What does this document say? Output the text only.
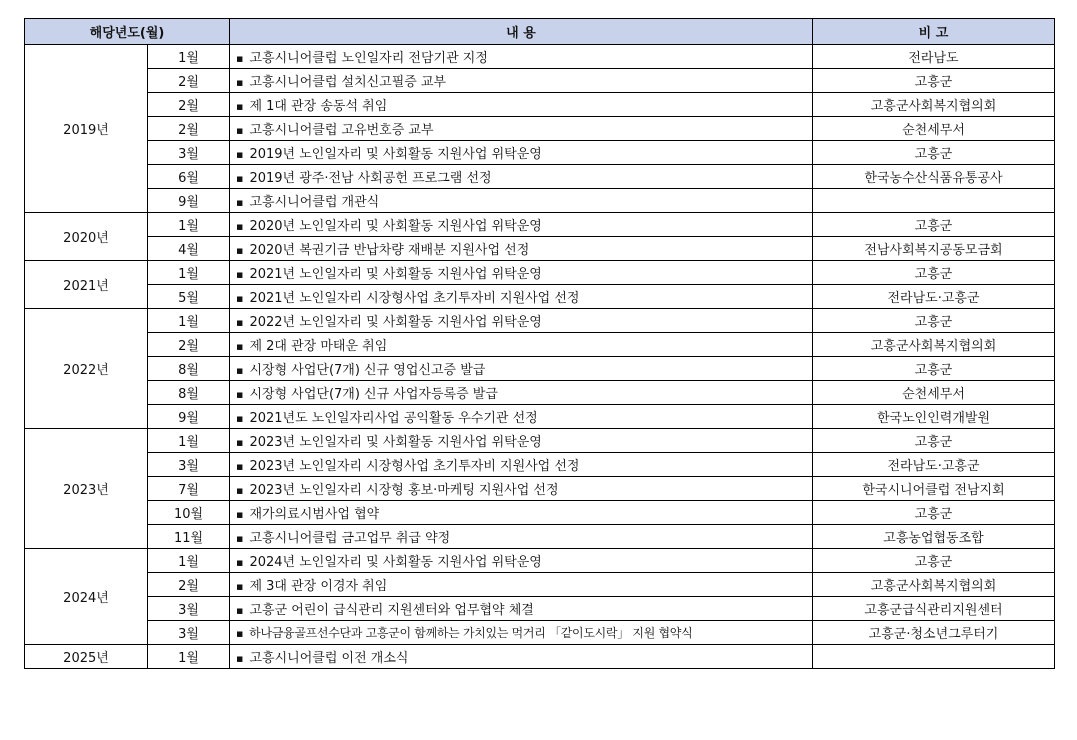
해당년도(월)		내 용	비 고
2019년	1월	▪ 고흥시니어클럽 노인일자리 전담기관 지정	전라남도
	2월	▪ 고흥시니어클럽 설치신고필증 교부	고흥군
	2월	▪ 제 1대 관장 송동석 취임	고흥군사회복지협의회
	2월	▪ 고흥시니어클럽 고유번호증 교부	순천세무서
	3월	▪ 2019년 노인일자리 및 사회활동 지원사업 위탁운영	고흥군
	6월	▪ 2019년 광주·전남 사회공헌 프로그램 선정	한국농수산식품유통공사
	9월	▪ 고흥시니어클럽 개관식	
2020년	1월	▪ 2020년 노인일자리 및 사회활동 지원사업 위탁운영	고흥군
	4월	▪ 2020년 복권기금 반납차량 재배분 지원사업 선정	전남사회복지공동모금회
2021년	1월	▪ 2021년 노인일자리 및 사회활동 지원사업 위탁운영	고흥군
	5월	▪ 2021년 노인일자리 시장형사업 초기투자비 지원사업 선정	전라남도·고흥군
2022년	1월	▪ 2022년 노인일자리 및 사회활동 지원사업 위탁운영	고흥군
	2월	▪ 제 2대 관장 마태운 취임	고흥군사회복지협의회
	8월	▪ 시장형 사업단(7개) 신규 영업신고증 발급	고흥군
	8월	▪ 시장형 사업단(7개) 신규 사업자등록증 발급	순천세무서
	9월	▪ 2021년도 노인일자리사업 공익활동 우수기관 선정	한국노인인력개발원
2023년	1월	▪ 2023년 노인일자리 및 사회활동 지원사업 위탁운영	고흥군
	3월	▪ 2023년 노인일자리 시장형사업 초기투자비 지원사업 선정	전라남도·고흥군
	7월	▪ 2023년 노인일자리 시장형 홍보·마케팅 지원사업 선정	한국시니어클럽 전남지회
	10월	▪ 재가의료시범사업 협약	고흥군
	11월	▪ 고흥시니어클럽 금고업무 취급 약정	고흥농업협동조합
2024년	1월	▪ 2024년 노인일자리 및 사회활동 지원사업 위탁운영	고흥군
	2월	▪ 제 3대 관장 이경자 취임	고흥군사회복지협의회
	3월	▪ 고흥군 어린이 급식관리 지원센터와 업무협약 체결	고흥군급식관리지원센터
	3월	▪ 하나금융골프선수단과 고흥군이 함께하는 가치있는 먹거리 「같이도시락」 지원 협약식	고흥군·청소년그루터기
2025년	1월	▪ 고흥시니어클럽 이전 개소식	
